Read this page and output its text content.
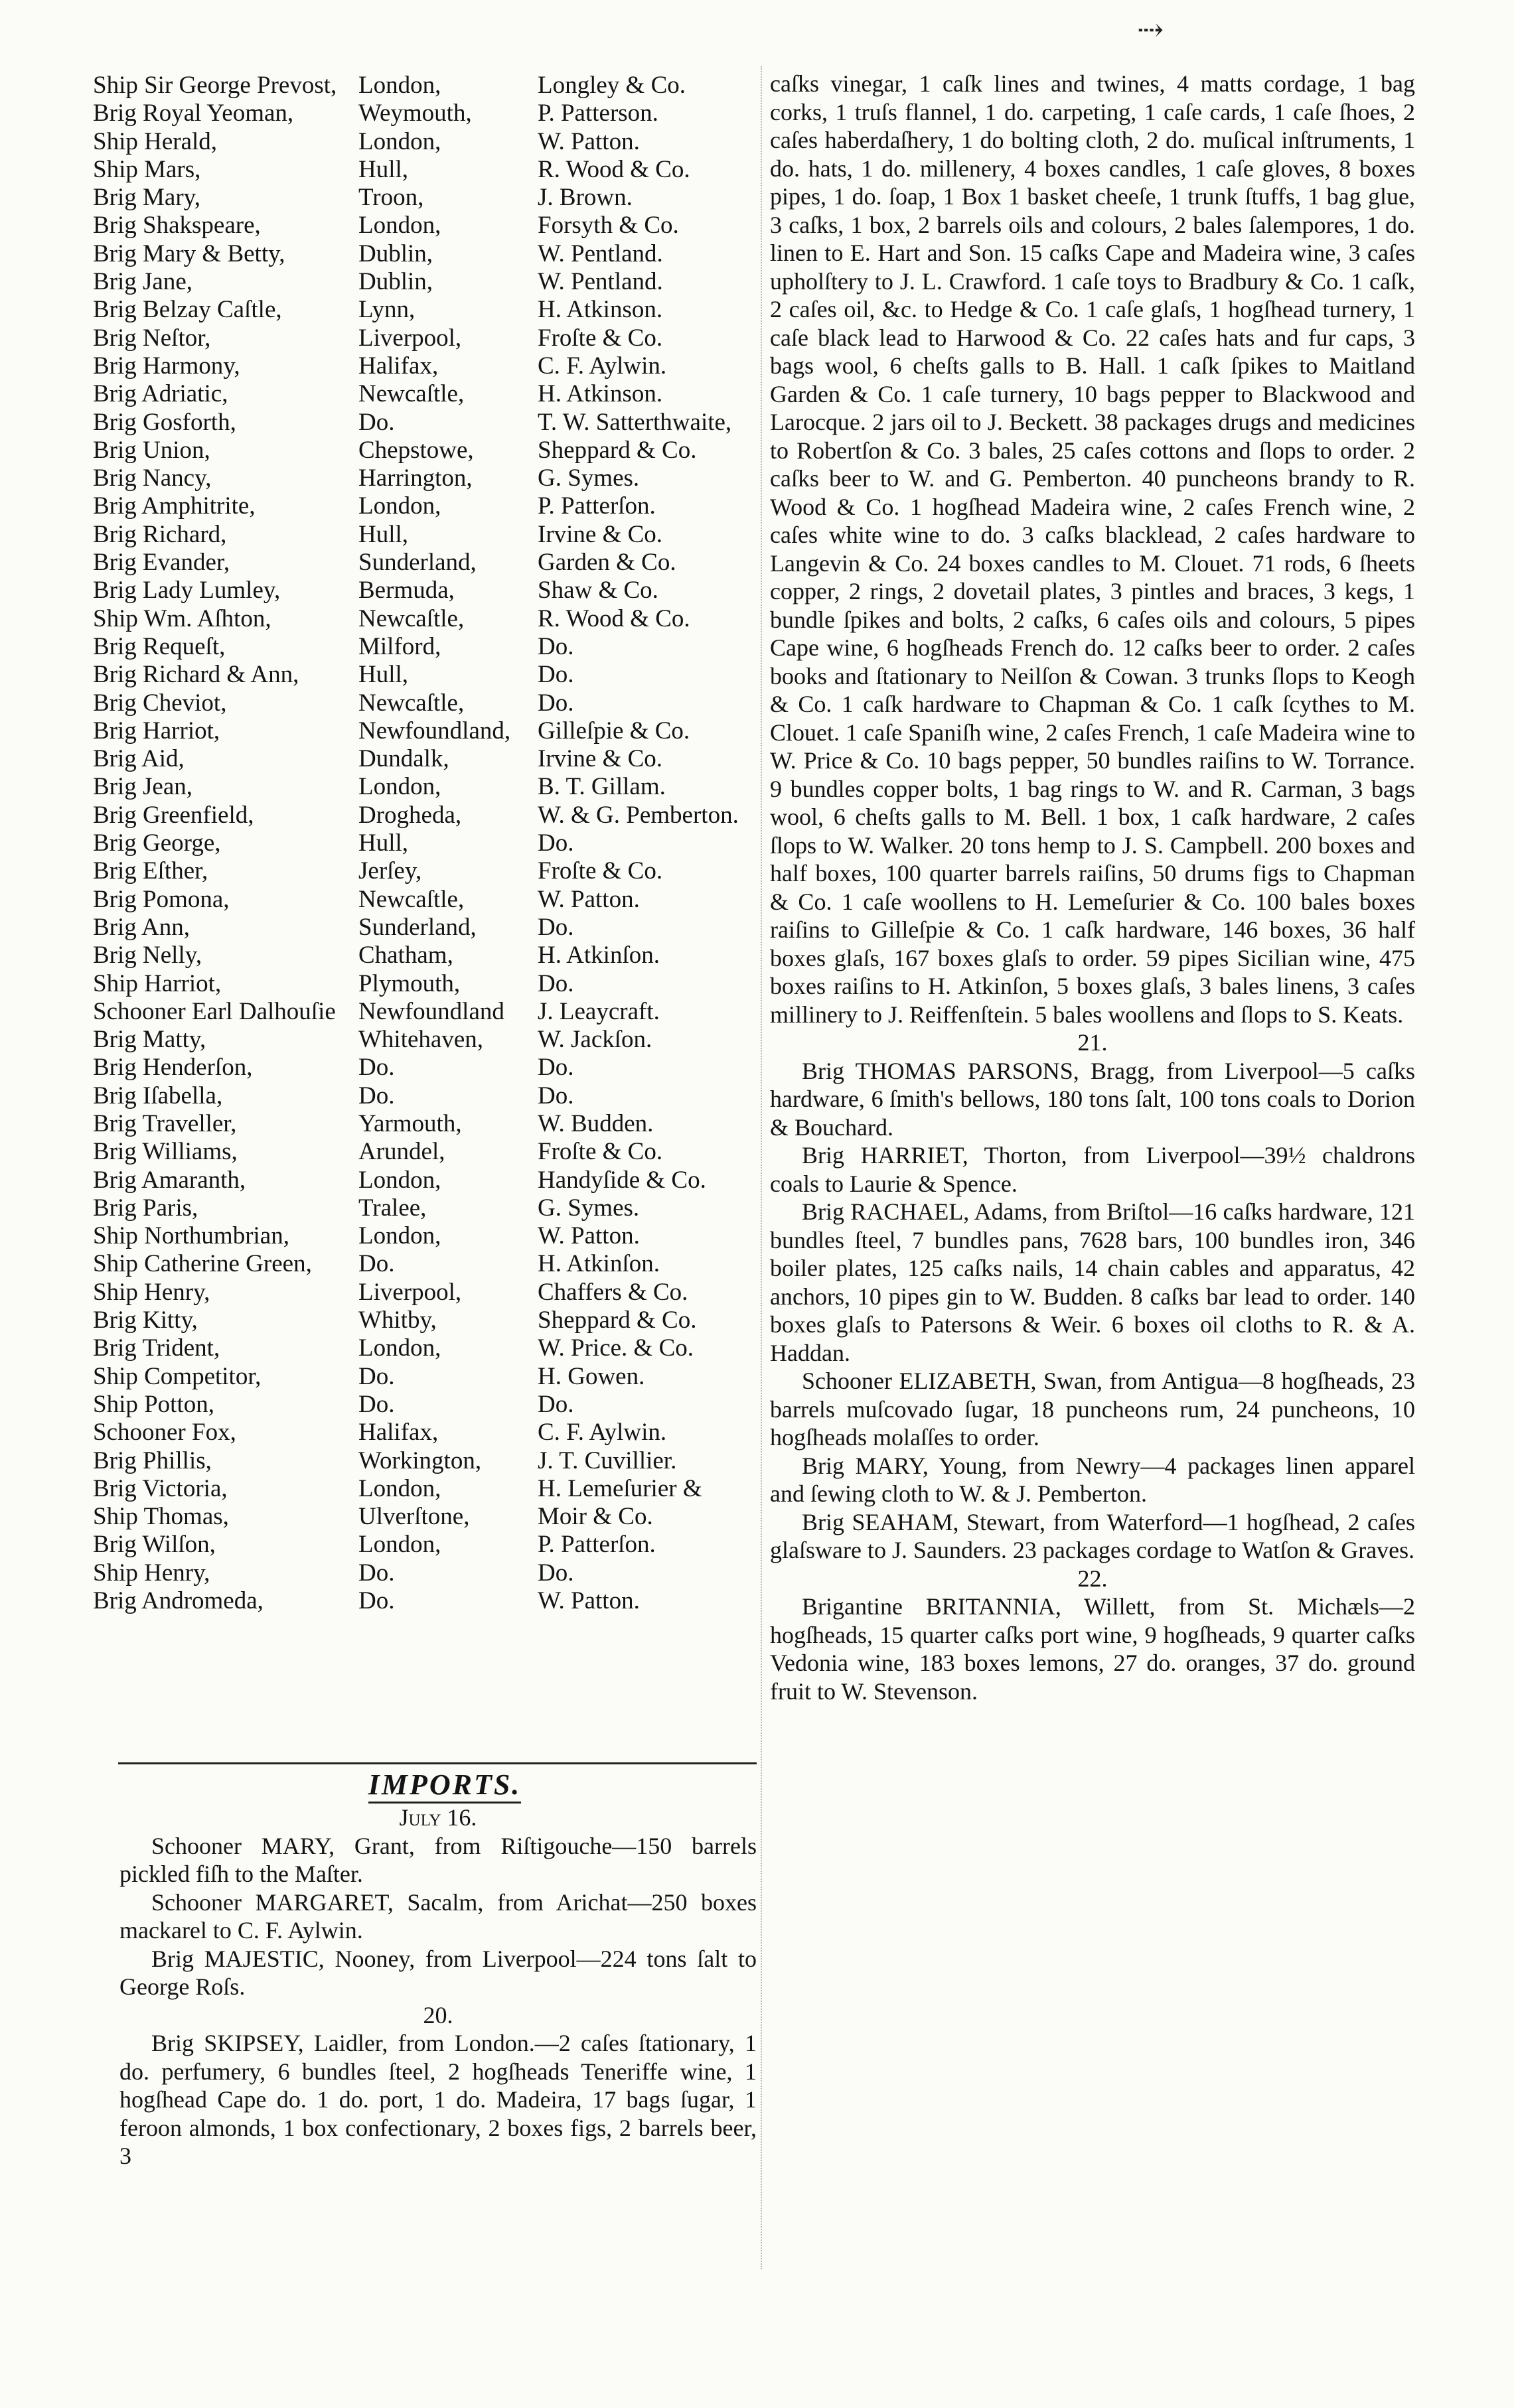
⇢
Ship Sir George Prevost, London,	Longley & Co.
Brig Royal Yeoman,	Weymouth,	P. Patterson.
Ship Herald,	London,	W. Patton.
Ship Mars,	Hull,	R. Wood & Co.
Brig Mary,	Troon,	J. Brown.
Brig Shakspeare,	London,	Forsyth & Co.
Brig Mary & Betty,	Dublin,	W. Pentland.
Brig Jane,	Dublin,	W. Pentland.
Brig Belzay Caſtle,	Lynn,	H. Atkinson.
Brig Neſtor,	Liverpool,	Froſte & Co.
Brig Harmony,	Halifax,	C. F. Aylwin.
Brig Adriatic,	Newcaſtle,	H. Atkinson.
Brig Gosforth,	Do.	T. W. Satterthwaite,
Brig Union,	Chepstowe,	Sheppard & Co.
Brig Nancy,	Harrington,	G. Symes.
Brig Amphitrite,	London,	P. Patterſon.
Brig Richard,	Hull,	Irvine & Co.
Brig Evander,	Sunderland, Garden & Co.
Brig Lady Lumley,	Bermuda,	Shaw & Co.
Ship Wm. Aſhton,	Newcaſtle,	R. Wood & Co.
Brig Requeſt,	Milford,	Do.
Brig Richard & Ann, Hull,	Do.
Brig Cheviot,	Newcaſtle,	Do.
Brig Harriot,	Newfoundland, Gilleſpie & Co.
Brig Aid,	Dundalk,	Irvine & Co.
Brig Jean,	London,	B. T. Gillam.
Brig Greenfield,	Drogheda,	W. & G. Pemberton.
Brig George,	Hull,	Do.
Brig Eſther,	Jerſey,	Froſte & Co.
Brig Pomona,	Newcaſtle,	W. Patton.
Brig Ann,	Sunderland, Do.
Brig Nelly,	Chatham,	H. Atkinſon.
Ship Harriot,	Plymouth,	Do.
Schooner Earl Dalhouſie Newfoundland J. Leaycraft.
Brig Matty,	Whitehaven, W. Jackſon.
Brig Henderſon,	Do.	Do.
Brig Iſabella,	Do.	Do.
Brig Traveller,	Yarmouth,	W. Budden.
Brig Williams,	Arundel,	Froſte & Co.
Brig Amaranth,	London,	Handyſide & Co.
Brig Paris,	Tralee,	G. Symes.
Ship Northumbrian,	London,	W. Patton.
Ship Catherine Green, Do.	H. Atkinſon.
Ship Henry,	Liverpool,	Chaffers & Co.
Brig Kitty,	Whitby,	Sheppard & Co.
Brig Trident,	London,	W. Price. & Co.
Ship Competitor,	Do.	H. Gowen.
Ship Potton,	Do.	Do.
Schooner Fox,	Halifax,	C. F. Aylwin.
Brig Phillis,	Workington, J. T. Cuvillier.
Brig Victoria,	London,	H. Lemeſurier &
Ship Thomas,	Ulverſtone,	Moir & Co.
Brig Wilſon,	London,	P. Patterſon.
Ship Henry,	Do.	Do.
Brig Andromeda,	Do.	W. Patton.
IMPORTS.

July 16.

Schooner MARY, Grant, from Riſtigouche—150 barrels pickled fiſh to the Maſter.

Schooner MARGARET, Sacalm, from Arichat—250 boxes mackarel to C. F. Aylwin.

Brig MAJESTIC, Nooney, from Liverpool—224 tons ſalt to George Roſs.

20.

Brig SKIPSEY, Laidler, from London.—2 caſes ſtationary, 1 do. perfumery, 6 bundles ſteel, 2 hogſheads Teneriffe wine, 1 hogſhead Cape do. 1 do. port, 1 do. Madeira, 17 bags ſugar, 1 feroon almonds, 1 box confectionary, 2 boxes figs, 2 barrels beer, 3

caſks vinegar, 1 caſk lines and twines, 4 matts cordage, 1 bag corks, 1 truſs flannel, 1 do. carpeting, 1 caſe cards, 1 caſe ſhoes, 2 caſes haberdaſhery, 1 do bolting cloth, 2 do. muſical inſtruments, 1 do. hats, 1 do. millenery, 4 boxes candles, 1 caſe gloves, 8 boxes pipes, 1 do. ſoap, 1 Box 1 basket cheeſe, 1 trunk ſtuffs, 1 bag glue, 3 caſks, 1 box, 2 barrels oils and colours, 2 bales ſalempores, 1 do. linen to E. Hart and Son. 15 caſks Cape and Madeira wine, 3 caſes upholſtery to J. L. Crawford. 1 caſe toys to Bradbury & Co. 1 caſk, 2 caſes oil, &c. to Hedge & Co. 1 caſe glaſs, 1 hogſhead turnery, 1 caſe black lead to Harwood & Co. 22 caſes hats and fur caps, 3 bags wool, 6 cheſts galls to B. Hall. 1 caſk ſpikes to Maitland Garden & Co. 1 caſe turnery, 10 bags pepper to Blackwood and Larocque. 2 jars oil to J. Beckett. 38 packages drugs and medicines to Robertſon & Co. 3 bales, 25 caſes cottons and ſlops to order. 2 caſks beer to W. and G. Pemberton. 40 puncheons brandy to R. Wood & Co. 1 hogſhead Madeira wine, 2 caſes French wine, 2 caſes white wine to do. 3 caſks blacklead, 2 caſes hardware to Langevin & Co. 24 boxes candles to M. Clouet. 71 rods, 6 ſheets copper, 2 rings, 2 dovetail plates, 3 pintles and braces, 3 kegs, 1 bundle ſpikes and bolts, 2 caſks, 6 caſes oils and colours, 5 pipes Cape wine, 6 hogſheads French do. 12 caſks beer to order. 2 caſes books and ſtationary to Neilſon & Cowan. 3 trunks ſlops to Keogh & Co. 1 caſk hardware to Chapman & Co. 1 caſk ſcythes to M. Clouet. 1 caſe Spaniſh wine, 2 caſes French, 1 caſe Madeira wine to W. Price & Co. 10 bags pepper, 50 bundles raiſins to W. Torrance. 9 bundles copper bolts, 1 bag rings to W. and R. Carman, 3 bags wool, 6 cheſts galls to M. Bell. 1 box, 1 caſk hardware, 2 caſes ſlops to W. Walker. 20 tons hemp to J. S. Campbell. 200 boxes and half boxes, 100 quarter barrels raiſins, 50 drums figs to Chapman & Co. 1 caſe woollens to H. Lemeſurier & Co. 100 bales boxes raiſins to Gilleſpie & Co. 1 caſk hardware, 146 boxes, 36 half boxes glaſs, 167 boxes glaſs to order. 59 pipes Sicilian wine, 475 boxes raiſins to H. Atkinſon, 5 boxes glaſs, 3 bales linens, 3 caſes millinery to J. Reiffenſtein. 5 bales woollens and ſlops to S. Keats.

21.

Brig THOMAS PARSONS, Bragg, from Liverpool—5 caſks hardware, 6 ſmith's bellows, 180 tons ſalt, 100 tons coals to Dorion & Bouchard.

Brig HARRIET, Thorton, from Liverpool—39½ chaldrons coals to Laurie & Spence.

Brig RACHAEL, Adams, from Briſtol—16 caſks hardware, 121 bundles ſteel, 7 bundles pans, 7628 bars, 100 bundles iron, 346 boiler plates, 125 caſks nails, 14 chain cables and apparatus, 42 anchors, 10 pipes gin to W. Budden. 8 caſks bar lead to order. 140 boxes glaſs to Patersons & Weir. 6 boxes oil cloths to R. & A. Haddan.

Schooner ELIZABETH, Swan, from Antigua—8 hogſheads, 23 barrels muſcovado ſugar, 18 puncheons rum, 24 puncheons, 10 hogſheads molaſſes to order.

Brig MARY, Young, from Newry—4 packages linen apparel and ſewing cloth to W. & J. Pemberton.

Brig SEAHAM, Stewart, from Waterford—1 hogſhead, 2 caſes glaſsware to J. Saunders. 23 packages cordage to Watſon & Graves.

22.

Brigantine BRITANNIA, Willett, from St. Michæls—2 hogſheads, 15 quarter caſks port wine, 9 hogſheads, 9 quarter caſks Vedonia wine, 183 boxes lemons, 27 do. oranges, 37 do. ground fruit to W. Stevenson.
